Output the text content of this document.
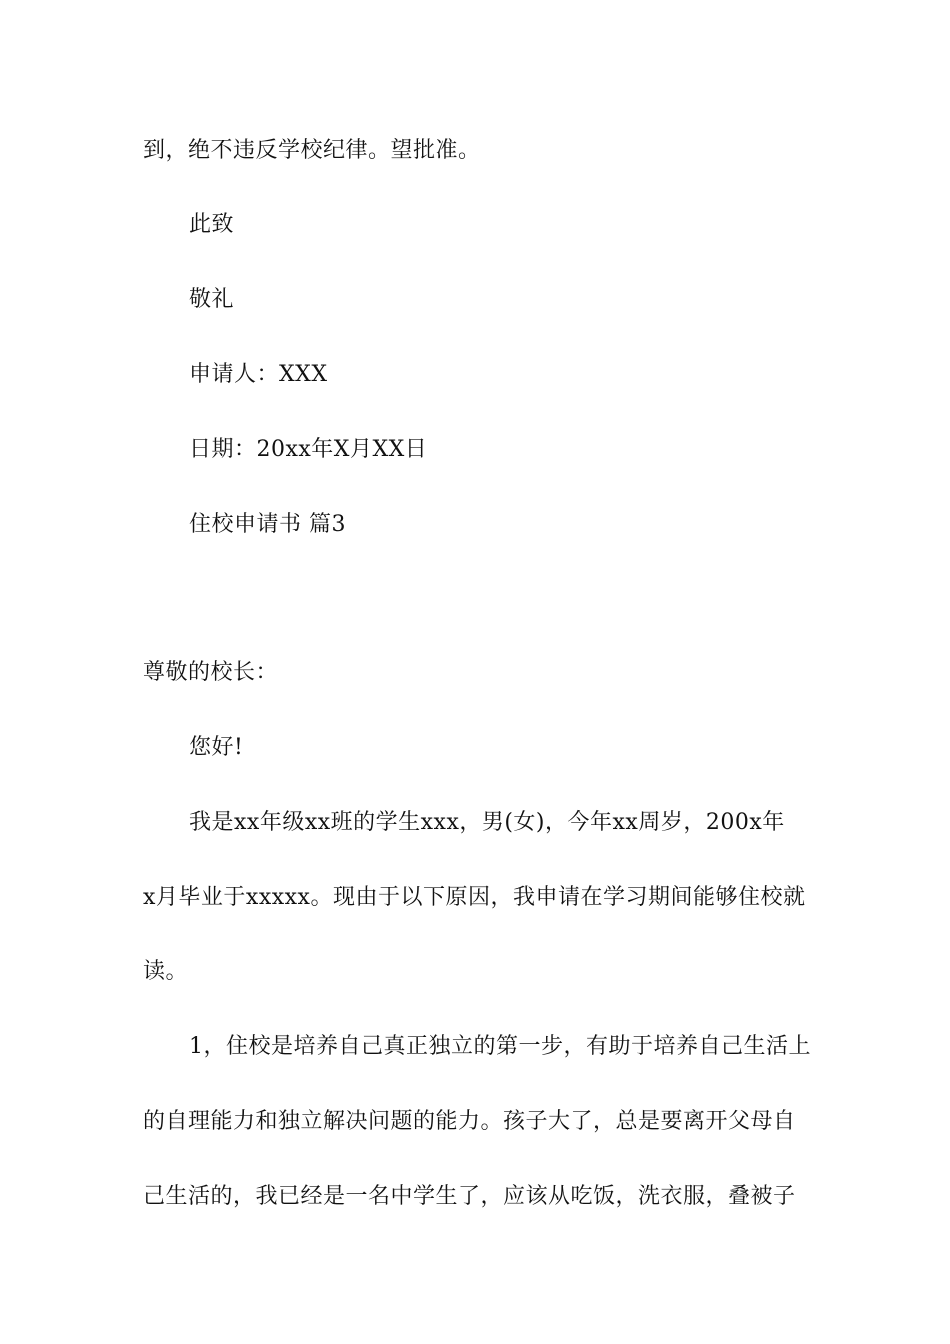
到，绝不违反学校纪律。望批准。
此致
敬礼
申请人：XXX
日期：20xx年X月XX日
住校申请书 篇3
尊敬的校长：
您好!
我是xx年级xx班的学生xxx，男(女)，今年xx周岁，200x年
x月毕业于xxxxx。现由于以下原因，我申请在学习期间能够住校就
读。
1，住校是培养自己真正独立的第一步，有助于培养自己生活上
的自理能力和独立解决问题的能力。孩子大了，总是要离开父母自
己生活的，我已经是一名中学生了，应该从吃饭，洗衣服，叠被子
